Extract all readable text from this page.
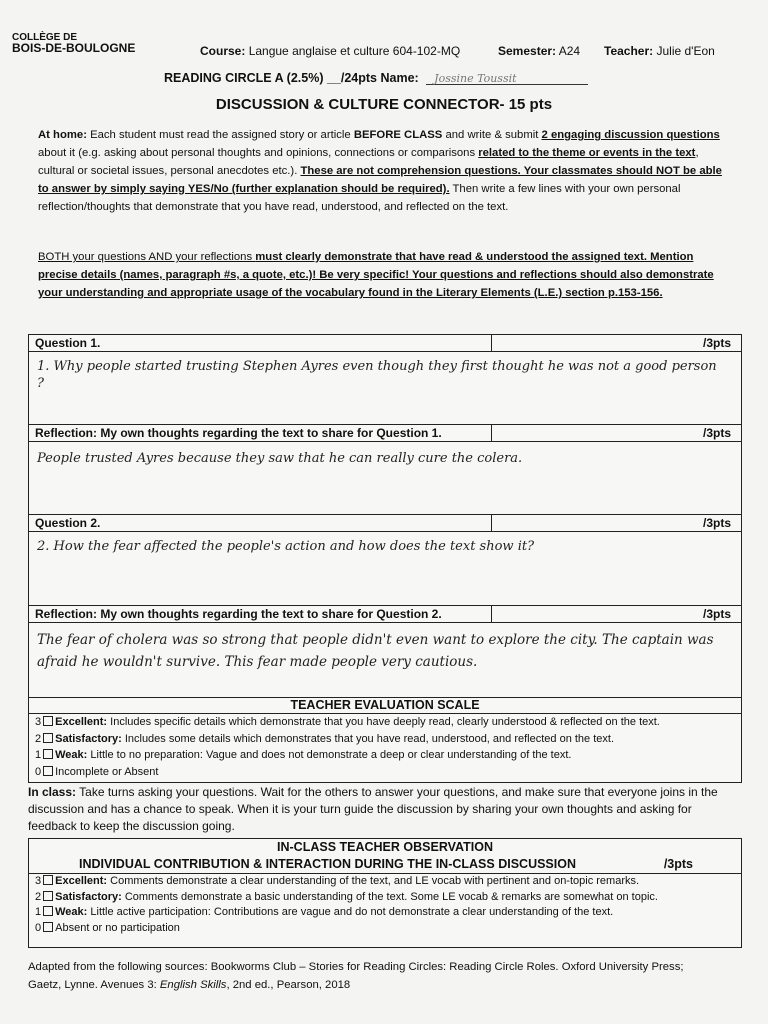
COLLÈGE DE
BOIS-DE-BOULOGNE	Course: Langue anglaise et culture 604-102-MQ	Semester: A24 Teacher: Julie d'Eon
READING CIRCLE A (2.5%) __/24pts Name: Jossine Toussit
DISCUSSION & CULTURE CONNECTOR- 15 pts
At home: Each student must read the assigned story or article BEFORE CLASS and write & submit 2 engaging discussion questions about it (e.g. asking about personal thoughts and opinions, connections or comparisons related to the theme or events in the text, cultural or societal issues, personal anecdotes etc.). These are not comprehension questions. Your classmates should NOT be able to answer by simply saying YES/No (further explanation should be required). Then write a few lines with your own personal reflection/thoughts that demonstrate that you have read, understood, and reflected on the text.
BOTH your questions AND your reflections must clearly demonstrate that have read & understood the assigned text. Mention precise details (names, paragraph #s, a quote, etc.)! Be very specific! Your questions and reflections should also demonstrate your understanding and appropriate usage of the vocabulary found in the Literary Elements (L.E.) section p.153-156.
Question 1.	/3pts
1. Why people started trusting Stephen Ayres even though they first thought he was not a good person ?
Reflection: My own thoughts regarding the text to share for Question 1.	/3pts
People trusted Ayres because they saw that he can really cure the colera.
Question 2.	/3pts
2. How the fear affected the people's action and how does the text show it?
Reflection: My own thoughts regarding the text to share for Question 2.	/3pts
The fear of cholera was so strong that people didn't even want to explore the city. The captain was afraid he wouldn't survive. This fear made people very cautious.
TEACHER EVALUATION SCALE
3 Excellent: Includes specific details which demonstrate that you have deeply read, clearly understood & reflected on the text.
2 Satisfactory: Includes some details which demonstrates that you have read, understood, and reflected on the text.
1 Weak: Little to no preparation: Vague and does not demonstrate a deep or clear understanding of the text.
0 Incomplete or Absent
In class: Take turns asking your questions. Wait for the others to answer your questions, and make sure that everyone joins in the discussion and has a chance to speak. When it is your turn guide the discussion by sharing your own thoughts and asking for feedback to keep the discussion going.
IN-CLASS TEACHER OBSERVATION
INDIVIDUAL CONTRIBUTION & INTERACTION DURING THE IN-CLASS DISCUSSION	/3pts
3 Excellent: Comments demonstrate a clear understanding of the text, and LE vocab with pertinent and on-topic remarks.
2 Satisfactory: Comments demonstrate a basic understanding of the text. Some LE vocab & remarks are somewhat on topic.
1 Weak: Little active participation: Contributions are vague and do not demonstrate a clear understanding of the text.
0 Absent or no participation
Adapted from the following sources: Bookworms Club – Stories for Reading Circles: Reading Circle Roles. Oxford University Press;
Gaetz, Lynne. Avenues 3: English Skills, 2nd ed., Pearson, 2018
